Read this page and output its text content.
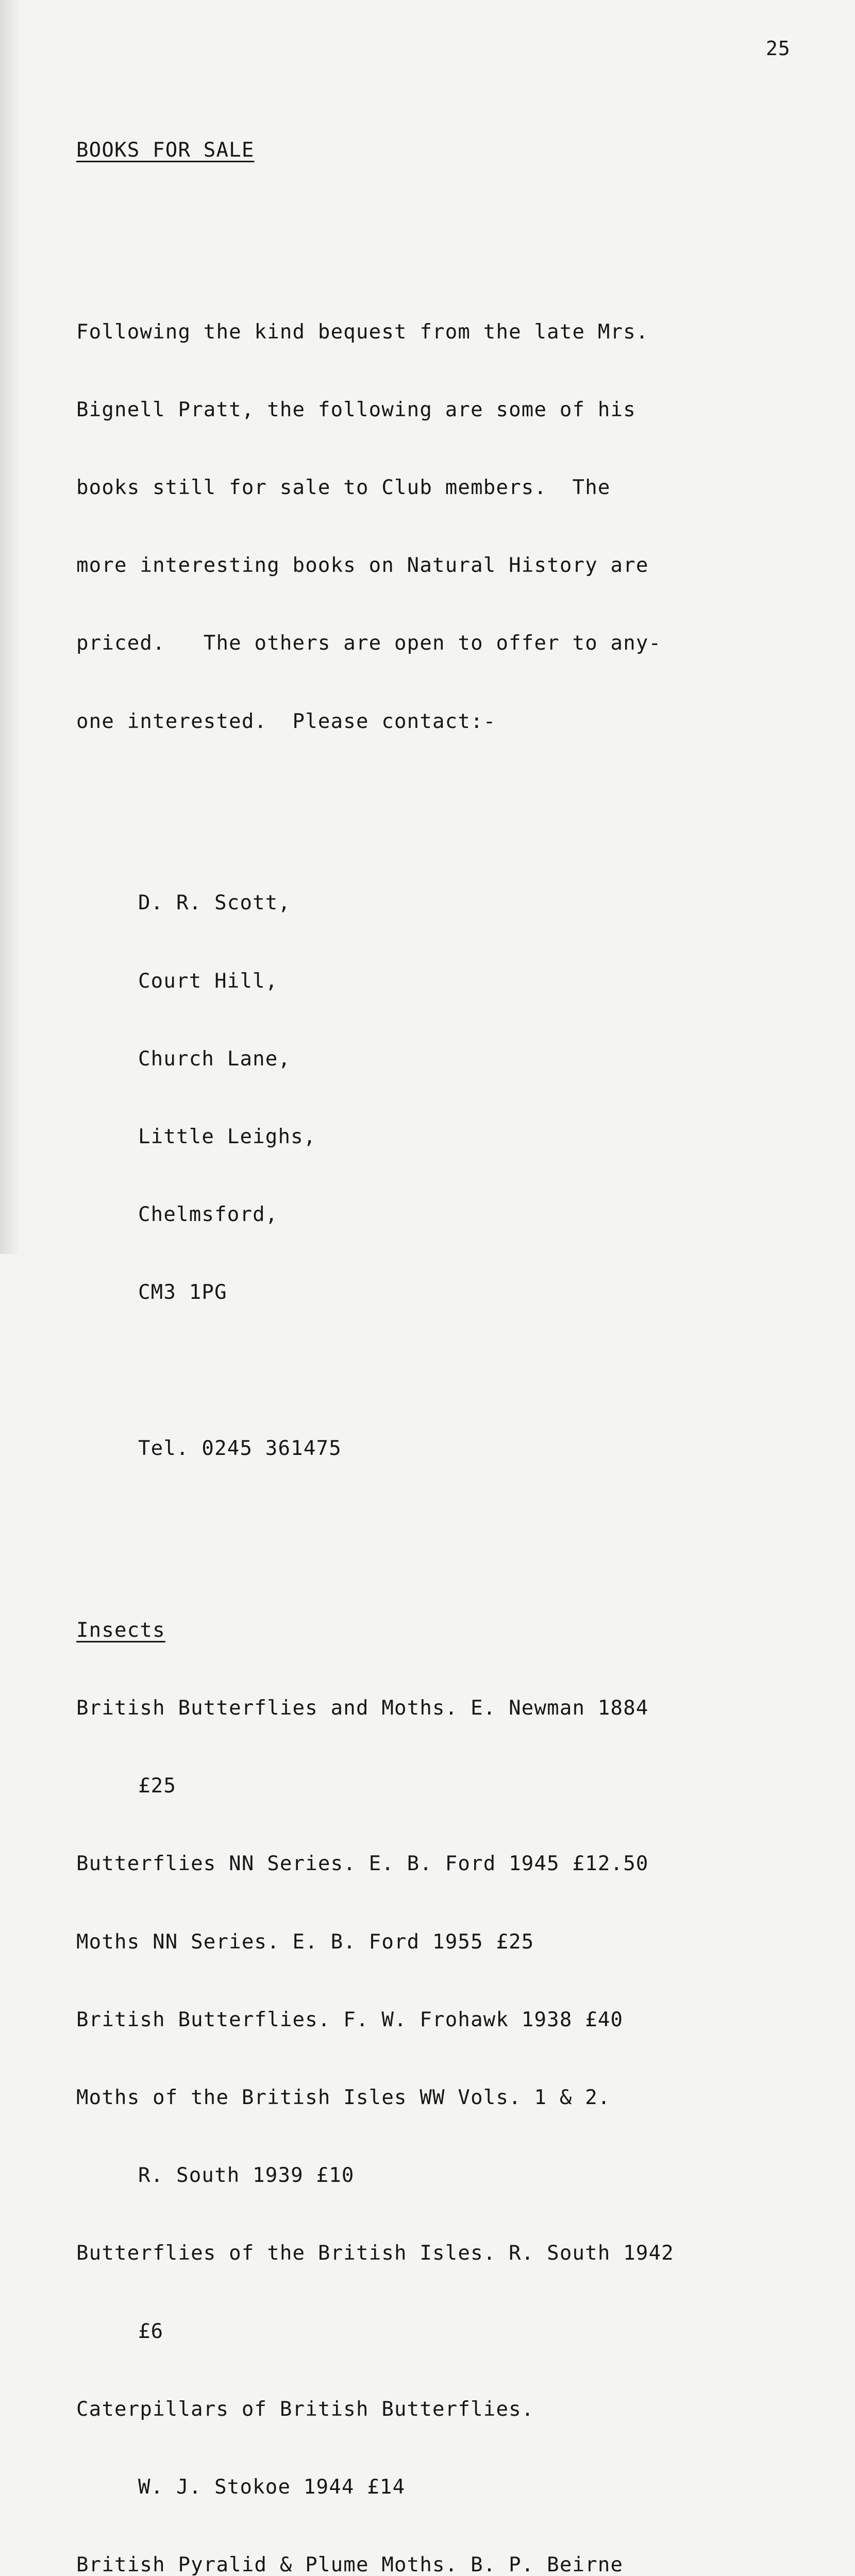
25

BOOKS FOR SALE

Following the kind bequest from the late Mrs.

Bignell Pratt, the following are some of his

books still for sale to Club members.  The

more interesting books on Natural History are

priced.   The others are open to offer to any-

one interested.  Please contact:-

D. R. Scott,

Court Hill,

Church Lane,

Little Leighs,

Chelmsford,

CM3 1PG

Tel. 0245 361475

Insects

British Butterflies and Moths. E. Newman 1884

£25

Butterflies NN Series. E. B. Ford 1945 £12.50

Moths NN Series. E. B. Ford 1955 £25

British Butterflies. F. W. Frohawk 1938 £40

Moths of the British Isles WW Vols. 1 & 2.

R. South 1939 £10

Butterflies of the British Isles. R. South 1942

£6

Caterpillars of British Butterflies.

W. J. Stokoe 1944 £14

British Pyralid & Plume Moths. B. P. Beirne
